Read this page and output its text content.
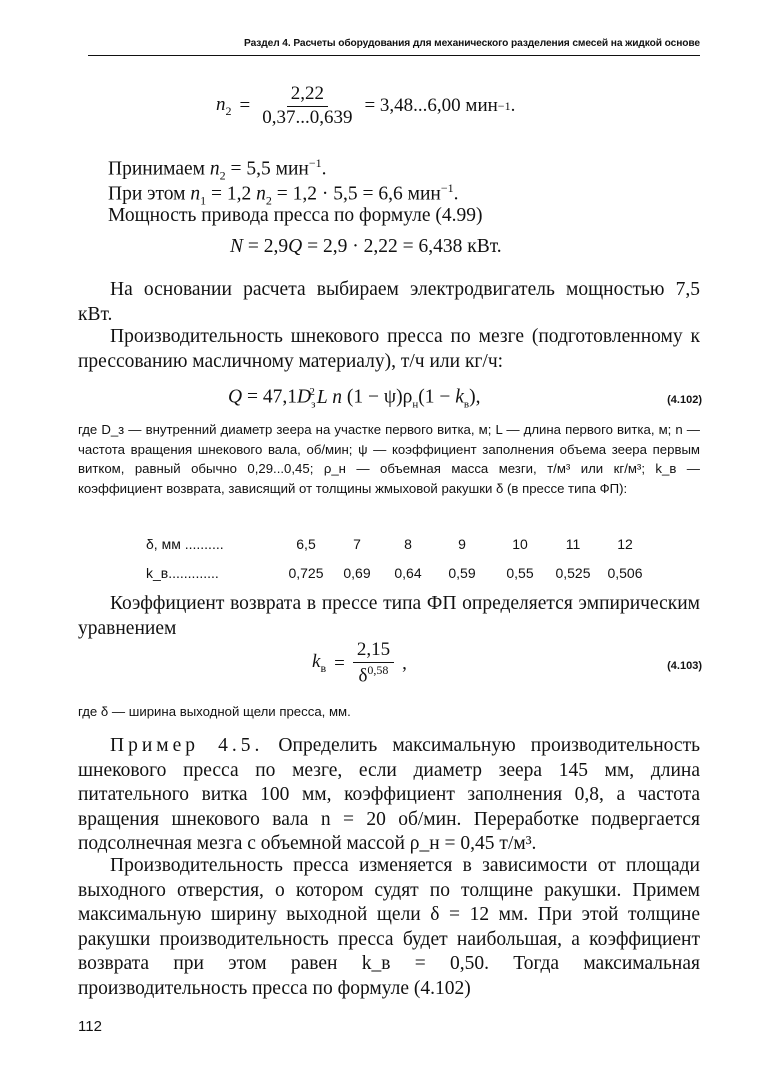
Раздел 4. Расчеты оборудования для механического разделения смесей на жидкой основе
$n_2 = \frac{2,22}{0,37...0,639} = 3,48...6,00$ мин −1 .
Принимаем $n_2 = 5,5$ мин$^{-1}$.
При этом $n_1 = 1,2$ $n_2 = 1,2 \cdot 5,5 = 6,6$ мин$^{-1}$.
Мощность привода пресса по формуле (4.99)
N = 2,9Q = 2,9 · 2,22 = 6,438 кВт.
На основании расчета выбираем электродвигатель мощностью 7,5 кВт.
Производительность шнекового пресса по мезге (подготовленному к прессованию масличному материалу), т/ч или кг/ч:
$Q = 47,1D_з^2$ L n $(1 - \psi)\rho_н(1 - k_в)$,	(4.102)
где D_з — внутренний диаметр зеера на участке первого витка, м; L — длина первого витка, м; n — частота вращения шнекового вала, об/мин; ψ — коэффициент заполнения объема зеера первым витком, равный обычно 0,29...0,45; ρ_н — объемная масса мезги, т/м³ или кг/м³; k_в — коэффициент возврата, зависящий от толщины жмыховой ракушки δ (в прессе типа ФП):
δ, мм ..........	6,5	7	8	9	10	11	12
k_в.............	0,725	0,69	0,64	0,59	0,55	0,525	0,506
Коэффициент возврата в прессе типа ФП определяется эмпирическим уравнением
$k_в = \frac{2,15}{\delta^{0,58}}$ ,	(4.103)
где δ — ширина выходной щели пресса, мм.
Пример 4.5. Определить максимальную производительность шнекового пресса по мезге, если диаметр зеера 145 мм, длина питательного витка 100 мм, коэффициент заполнения 0,8, а частота вращения шнекового вала n = 20 об/мин. Переработке подвергается подсолнечная мезга с объемной массой ρ_н = 0,45 т/м³.
Производительность пресса изменяется в зависимости от площади выходного отверстия, о котором судят по толщине ракушки. Примем максимальную ширину выходной щели δ = 12 мм. При этой толщине ракушки производительность пресса будет наибольшая, а коэффициент возврата при этом равен k_в = 0,50. Тогда максимальная производительность пресса по формуле (4.102)
112
